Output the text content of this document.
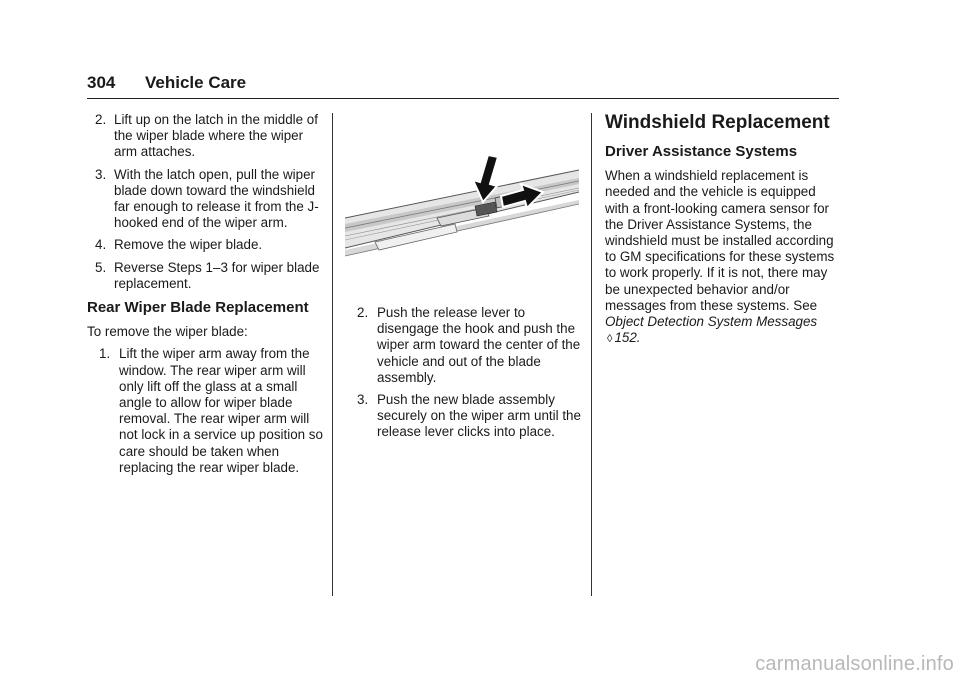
304 Vehicle Care
2. Lift up on the latch in the middle of the wiper blade where the wiper arm attaches.
3. With the latch open, pull the wiper blade down toward the windshield far enough to release it from the J-hooked end of the wiper arm.
4. Remove the wiper blade.
5. Reverse Steps 1–3 for wiper blade replacement.
Rear Wiper Blade Replacement

To remove the wiper blade:

1. Lift the wiper arm away from the window. The rear wiper arm will only lift off the glass at a small angle to allow for wiper blade removal. The rear wiper arm will not lock in a service up position so care should be taken when replacing the rear wiper blade.
2. Push the release lever to disengage the hook and push the wiper arm toward the center of the vehicle and out of the blade assembly.
3. Push the new blade assembly securely on the wiper arm until the release lever clicks into place.
Windshield Replacement
Driver Assistance Systems

When a windshield replacement is needed and the vehicle is equipped with a front-looking camera sensor for the Driver Assistance Systems, the windshield must be installed according to GM specifications for these systems to work properly. If it is not, there may be unexpected behavior and/or messages from these systems. See Object Detection System Messages ◊ 152.

carmanualsonline.info
